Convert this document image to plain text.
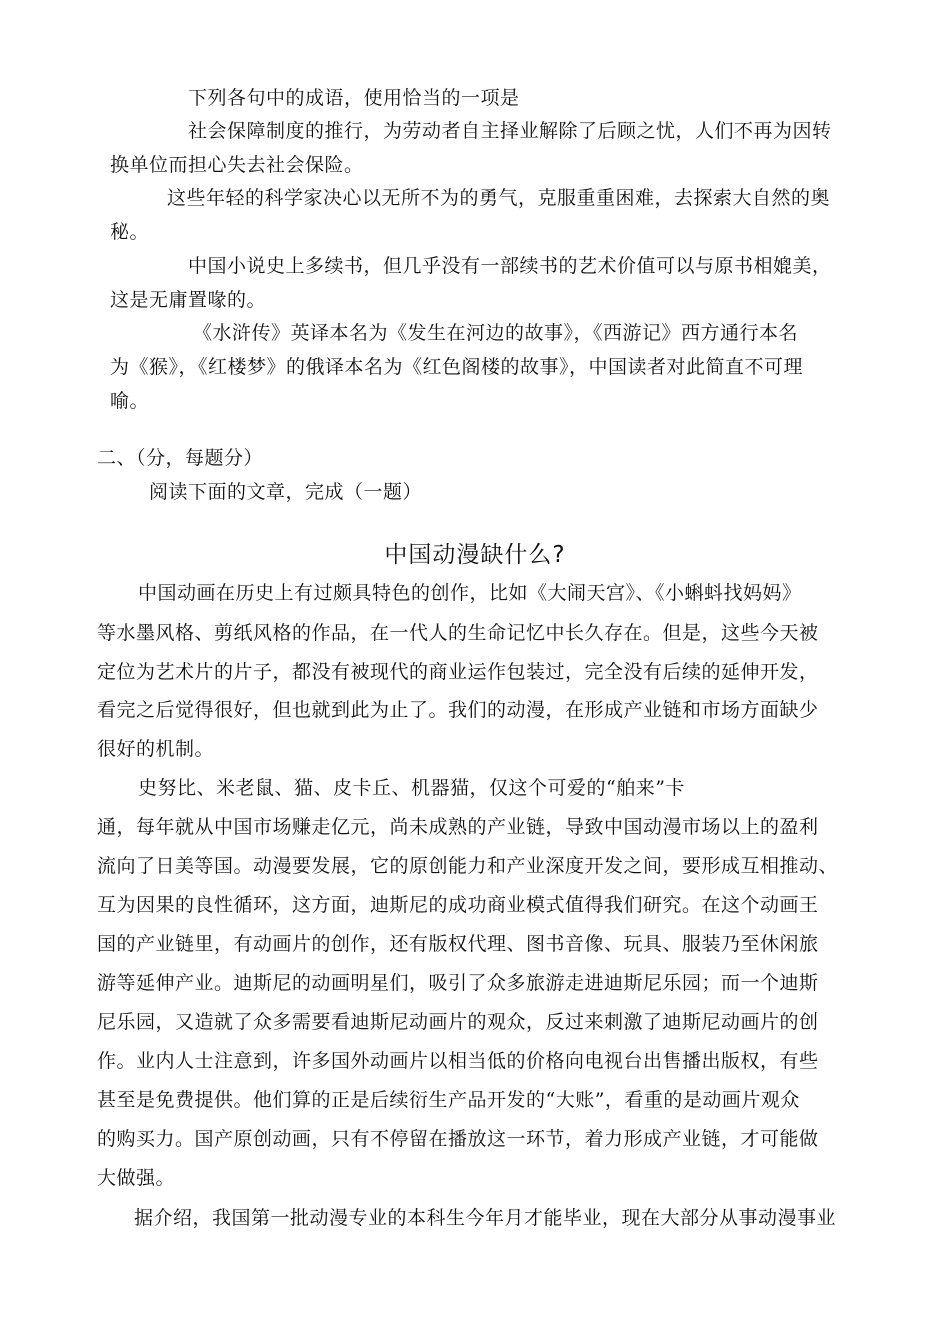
下列各句中的成语，使用恰当的一项是
社会保障制度的推行，为劳动者自主择业解除了后顾之忧，人们不再为因转
换单位而担心失去社会保险。
这些年轻的科学家决心以无所不为的勇气，克服重重困难，去探索大自然的奥
秘。
中国小说史上多续书，但几乎没有一部续书的艺术价值可以与原书相媲美，
这是无庸置喙的。
《水浒传》英译本名为《发生在河边的故事》，《西游记》西方通行本名
为《猴》，《红楼梦》的俄译本名为《红色阁楼的故事》，中国读者对此简直不可理
喻。
二、（分，每题分）
阅读下面的文章，完成（一题）
中国动漫缺什么?
中国动画在历史上有过颇具特色的创作，比如《大闹天宫》、《小蝌蚪找妈妈》
等水墨风格、剪纸风格的作品，在一代人的生命记忆中长久存在。但是，这些今天被
定位为艺术片的片子，都没有被现代的商业运作包装过，完全没有后续的延伸开发，
看完之后觉得很好，但也就到此为止了。我们的动漫，在形成产业链和市场方面缺少
很好的机制。
史努比、米老鼠、猫、皮卡丘、机器猫，仅这个可爱的“舶来”卡
通，每年就从中国市场赚走亿元，尚未成熟的产业链，导致中国动漫市场以上的盈利
流向了日美等国。动漫要发展，它的原创能力和产业深度开发之间，要形成互相推动、
互为因果的良性循环，这方面，迪斯尼的成功商业模式值得我们研究。在这个动画王
国的产业链里，有动画片的创作，还有版权代理、图书音像、玩具、服装乃至休闲旅
游等延伸产业。迪斯尼的动画明星们，吸引了众多旅游走进迪斯尼乐园；而一个迪斯
尼乐园，又造就了众多需要看迪斯尼动画片的观众，反过来刺激了迪斯尼动画片的创
作。业内人士注意到，许多国外动画片以相当低的价格向电视台出售播出版权，有些
甚至是免费提供。他们算的正是后续衍生产品开发的“大账”，看重的是动画片观众
的购买力。国产原创动画，只有不停留在播放这一环节，着力形成产业链，才可能做
大做强。
据介绍，我国第一批动漫专业的本科生今年月才能毕业，现在大部分从事动漫事业
